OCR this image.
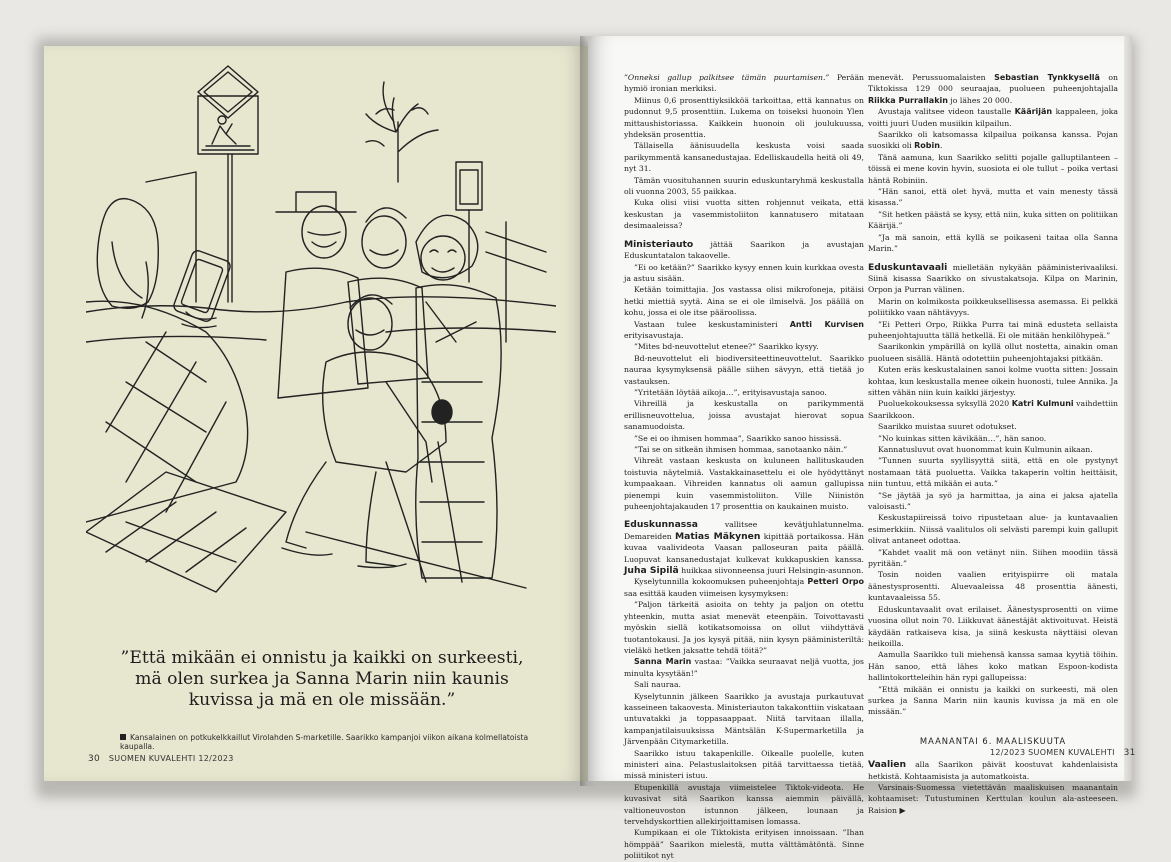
”Että mikään ei onnistu ja kaikki on surkeesti, mä olen surkea ja Sanna Marin niin kaunis kuvissa ja mä en ole missään.”
Kansalainen on potkukelkkaillut Virolahden S-marketille. Saarikko kampanjoi viikon aikana kolmellatoista kaupalla.
30 SUOMEN KUVALEHTI 12/2023

”Onneksi gallup palkitsee tämän puurtamisen.” Perään hymiö ironian merkiksi.

Miinus 0,6 prosenttiyksikköä tarkoittaa, että kannatus on pudonnut 9,5 prosenttiin. Lukema on toiseksi huonoin Ylen mittaushistoriassa. Kaikkein huonoin oli joulukuussa, yhdeksän prosenttia.

Tällaisella äänisuudella keskusta voisi saada parikymmentä kansanedustajaa. Edelliskaudella heitä oli 49, nyt 31.

Tämän vuosituhannen suurin eduskuntaryhmä keskustalla oli vuonna 2003, 55 paikkaa.

Kuka olisi viisi vuotta sitten rohjennut veikata, että keskustan ja vasemmistoliiton kannatusero mitataan desimaaleissa?

Ministeriauto jättää Saarikon ja avustajan Eduskuntatalon takaovelle.

”Ei oo ketään?” Saarikko kysyy ennen kuin kurkkaa ovesta ja astuu sisään.

Ketään toimittajia. Jos vastassa olisi mikrofoneja, pitäisi hetki miettiä syytä. Aina se ei ole ilmiselvä. Jos päällä on kohu, jossa ei ole itse pääroolissa.

Vastaan tulee keskustaministeri Antti Kurvisen erityisavustaja.

”Mites bd-neuvottelut etenee?” Saarikko kysyy.

Bd-neuvottelut eli biodiversiteettineuvottelut. Saarikko nauraa kysymyksensä päälle siihen sävyyn, että tietää jo vastauksen.

”Yritetään löytää aikoja…”, erityisavustaja sanoo.

Vihreillä ja keskustalla on parikymmentä erillisneuvottelua, joissa avustajat hierovat sopua sanamuodoista.

”Se ei oo ihmisen hommaa”, Saarikko sanoo hississä.

”Tai se on sitkeän ihmisen hommaa, sanotaanko näin.”

Vihreät vastaan keskusta on kuluneen hallituskauden toistuvia näytelmiä. Vastakkainasettelu ei ole hyödyttänyt kumpaakaan. Vihreiden kannatus oli aamun gallupissa pienempi kuin vasemmistoliiton. Ville Niinistön puheenjohtajakauden 17 prosenttia on kaukainen muisto.

Eduskunnassa vallitsee kevätjuhlatunnelma. Demareiden Matias Mäkynen kipittää portaikossa. Hän kuvaa vaalivideota Vaasan palloseuran paita päällä. Luopuvat kansanedustajat kulkevat kukkapuskien kanssa. Juha Sipilä huikkaa siivonneensa juuri Helsingin-asunnon.

Kyselytunnilla kokoomuksen puheenjohtaja Petteri Orpo saa esittää kauden viimeisen kysymyksen:

”Paljon tärkeitä asioita on tehty ja paljon on otettu yhteenkin, mutta asiat menevät eteenpäin. Toivottavasti myöskin siellä kotikatsomoissa on ollut viihdyttävä tuotantokausi. Ja jos kysyä pitää, niin kysyn pääministeriltä: vieläkö hetken jaksatte tehdä töitä?”

Sanna Marin vastaa: ”Vaikka seuraavat neljä vuotta, jos minulta kysytään!”

Sali nauraa.

Kyselytunnin jälkeen Saarikko ja avustaja purkautuvat kasseineen takaovesta. Ministeriauton takakonttiin viskataan untuvatakki ja toppasaappaat. Niitä tarvitaan illalla, kampanjatilaisuuksissa Mäntsälän K-Supermarketilla ja Järvenpään Citymarketilla.

Saarikko istuu takapenkille. Oikealle puolelle, kuten ministeri aina. Pelastuslaitoksen pitää tarvittaessa tietää, missä ministeri istuu.

Etupenkillä avustaja viimeistelee Tiktok-videota. He kuvasivat sitä Saarikon kanssa aiemmin päivällä, valtioneuvoston istunnon jälkeen, lounaan ja tervehdyskorttien allekirjoittamisen lomassa.

Kumpikaan ei ole Tiktokista erityisen innoissaan. ”Ihan hömppää” Saarikon mielestä, mutta välttämätöntä. Sinne poliitikot nyt

menevät. Perussuomalaisten Sebastian Tynkkysellä on Tiktokissa 129 000 seuraajaa, puolueen puheenjohtajalla Riikka Purrallakin jo lähes 20 000.

Avustaja valitsee videon taustalle Käärijän kappaleen, joka voitti juuri Uuden musiikin kilpailun.

Saarikko oli katsomassa kilpailua poikansa kanssa. Pojan suosikki oli Robin.

Tänä aamuna, kun Saarikko selitti pojalle galluptilanteen – töissä ei mene kovin hyvin, suosiota ei ole tullut – poika vertasi häntä Robiniin.

”Hän sanoi, että olet hyvä, mutta et vain menesty tässä kisassa.”

”Sit hetken päästä se kysy, että niin, kuka sitten on politiikan Käärijä.”

”Ja mä sanoin, että kyllä se poikaseni taitaa olla Sanna Marin.”

Eduskuntavaali mielletään nykyään pääministerivaaliksi. Siinä kisassa Saarikko on sivustakatsoja. Kilpa on Marinin, Orpon ja Purran välinen.

Marin on kolmikosta poikkeuksellisessa asemassa. Ei pelkkä poliitikko vaan nähtävyys.

”Ei Petteri Orpo, Riikka Purra tai minä edusteta sellaista puheenjohtajuutta tällä hetkellä. Ei ole mitään henkilöhypeä.”

Saarikonkin ympärillä on kyllä ollut nostetta, ainakin oman puolueen sisällä. Häntä odotettiin puheenjohtajaksi pitkään.

Kuten eräs keskustalainen sanoi kolme vuotta sitten: Jossain kohtaa, kun keskustalla menee oikein huonosti, tulee Annika. Ja sitten vähän niin kuin kaikki järjestyy.

Puoluekokouksessa syksyllä 2020 Katri Kulmuni vaihdettiin Saarikkoon.

Saarikko muistaa suuret odotukset.

”No kuinkas sitten kävikään…”, hän sanoo.

Kannatusluvut ovat huonommat kuin Kulmunin aikaan.

”Tunnen suurta syyllisyyttä siitä, että en ole pystynyt nostamaan tätä puoluetta. Vaikka takaperin voltin heittäisit, niin tuntuu, että mikään ei auta.”

”Se jäytää ja syö ja harmittaa, ja aina ei jaksa ajatella valoisasti.”

Keskustapiireissä toivo ripustetaan alue- ja kuntavaalien esimerkkiin. Niissä vaalitulos oli selvästi parempi kuin gallupit olivat antaneet odottaa.

”Kahdet vaalit mä oon vetänyt niin. Siihen moodiin tässä pyritään.”

Tosin noiden vaalien erityispiirre oli matala äänestysprosentti. Aluevaaleissa 48 prosenttia äänesti, kuntavaaleissa 55.

Eduskuntavaalit ovat erilaiset. Äänestysprosentti on viime vuosina ollut noin 70. Liikkuvat äänestäjät aktivoituvat. Heistä käydään ratkaiseva kisa, ja siinä keskusta näyttäisi olevan heikoilla.

Aamulla Saarikko tuli miehensä kanssa samaa kyytiä töihin. Hän sanoo, että lähes koko matkan Espoon-kodista hallintokortteleihin hän rypi gallupeissa:

”Että mikään ei onnistu ja kaikki on surkeesti, mä olen surkea ja Sanna Marin niin kaunis kuvissa ja mä en ole missään.”

MAANANTAI 6. MAALISKUUTA

Vaalien alla Saarikon päivät koostuvat kahdenlaisista hetkistä. Kohtaamisista ja automatkoista.

Varsinais-Suomessa vietettävän maaliskuisen maanantain kohtaamiset: Tutustuminen Kerttulan koulun ala-asteeseen. Raision ▶

12/2023 SUOMEN KUVALEHTI 31
